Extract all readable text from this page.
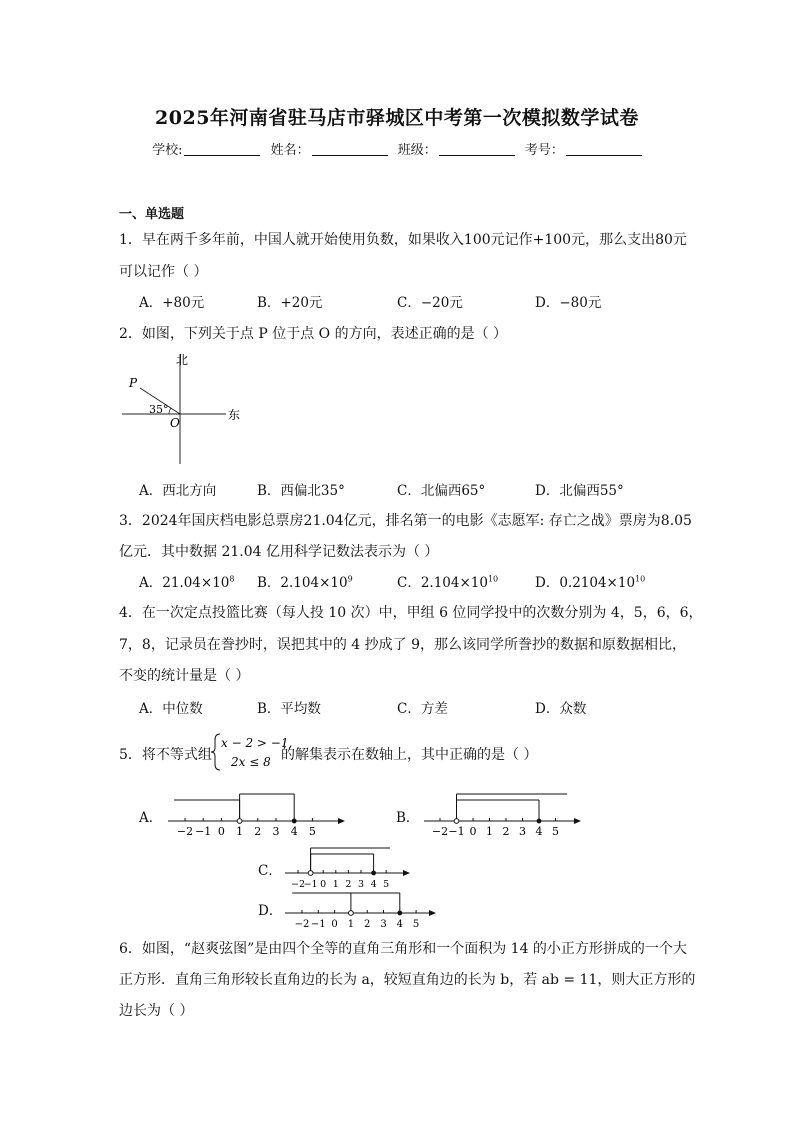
2025年河南省驻马店市驿城区中考第一次模拟数学试卷
学校:	姓名：	班级：	考号：
一、单选题
1．早在两千多年前，中国人就开始使用负数，如果收入100元记作+100元，那么支出80元
可以记作（ ）
A．+80元	B．+20元	C．−20元	D．−80元
2．如图，下列关于点 P 位于点 O 的方向，表述正确的是（ ）
北
东
P
O
35°
A．西北方向	B．西偏北35°	C．北偏西65°	D．北偏西55°
3．2024年国庆档电影总票房21.04亿元，排名第一的电影《志愿军: 存亡之战》票房为8.05
亿元．其中数据 21.04 亿用科学记数法表示为（ ）
A．$21.04\times 10^8$ B．$2.104\times 10^9$	C．$2.104\times 10^{10}$	D．$0.2104\times 10^{10}$
4．在一次定点投篮比赛（每人投 10 次）中，甲组 6 位同学投中的次数分别为 4，5，6，6，
7，8，记录员在誊抄时，误把其中的 4 抄成了 9，那么该同学所誊抄的数据和原数据相比，
不变的统计量是（ ）
A．中位数	B．平均数	C．方差	D．众数
5．将不等式组
x − 2 > −1,
2x ≤ 8 的解集表示在数轴上，其中正确的是（ ）
A．	B．
C．
D．
−2 −1 0 1 2 3 4 5	−2 −1 0 1 2 3 4 5
−2
−1 0 1 2 3 4 5
−2 −1 0 1 2 3 4 5
6．如图，“赵爽弦图”是由四个全等的直角三角形和一个面积为 14 的小正方形拼成的一个大
正方形．直角三角形较长直角边的长为 a，较短直角边的长为 b，若 ab = 11，则大正方形的
边长为（ ）
